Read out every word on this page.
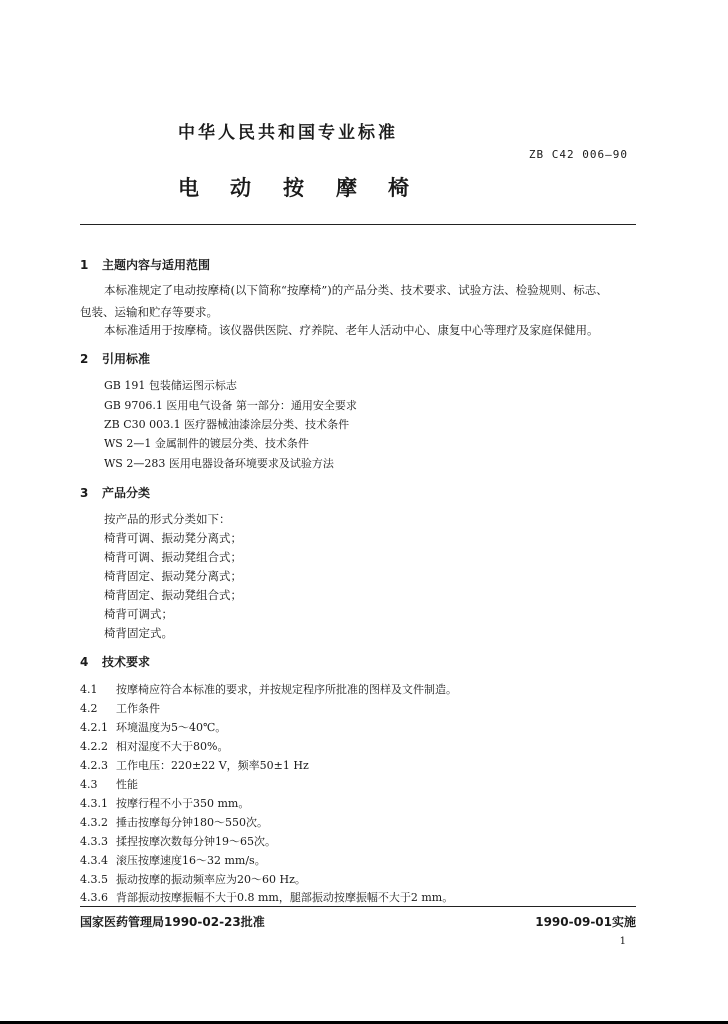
中华人民共和国专业标准
ZB C42 006—90
电 动 按 摩 椅
1 主题内容与适用范围
本标准规定了电动按摩椅(以下简称“按摩椅”)的产品分类、技术要求、试验方法、检验规则、标志、
包装、运输和贮存等要求。
本标准适用于按摩椅。该仪器供医院、疗养院、老年人活动中心、康复中心等理疗及家庭保健用。
2 引用标准
GB 191 包装储运图示标志
GB 9706.1 医用电气设备 第一部分：通用安全要求
ZB C30 003.1 医疗器械油漆涂层分类、技术条件
WS 2—1 金属制件的镀层分类、技术条件
WS 2—283 医用电器设备环境要求及试验方法
3 产品分类
按产品的形式分类如下：
椅背可调、振动凳分离式；
椅背可调、振动凳组合式；
椅背固定、振动凳分离式；
椅背固定、振动凳组合式；
椅背可调式；
椅背固定式。
4 技术要求
4.1 按摩椅应符合本标准的要求，并按规定程序所批准的图样及文件制造。
4.2 工作条件
4.2.1 环境温度为5～40℃。
4.2.2 相对湿度不大于80%。
4.2.3 工作电压：220±22 V，频率50±1 Hz
4.3 性能
4.3.1 按摩行程不小于350 mm。
4.3.2 捶击按摩每分钟180～550次。
4.3.3 揉捏按摩次数每分钟19～65次。
4.3.4 滚压按摩速度16～32 mm/s。
4.3.5 振动按摩的振动频率应为20～60 Hz。
4.3.6 背部振动按摩振幅不大于0.8 mm，腿部振动按摩振幅不大于2 mm。
国家医药管理局1990-02-23批准	1990-09-01实施
1
